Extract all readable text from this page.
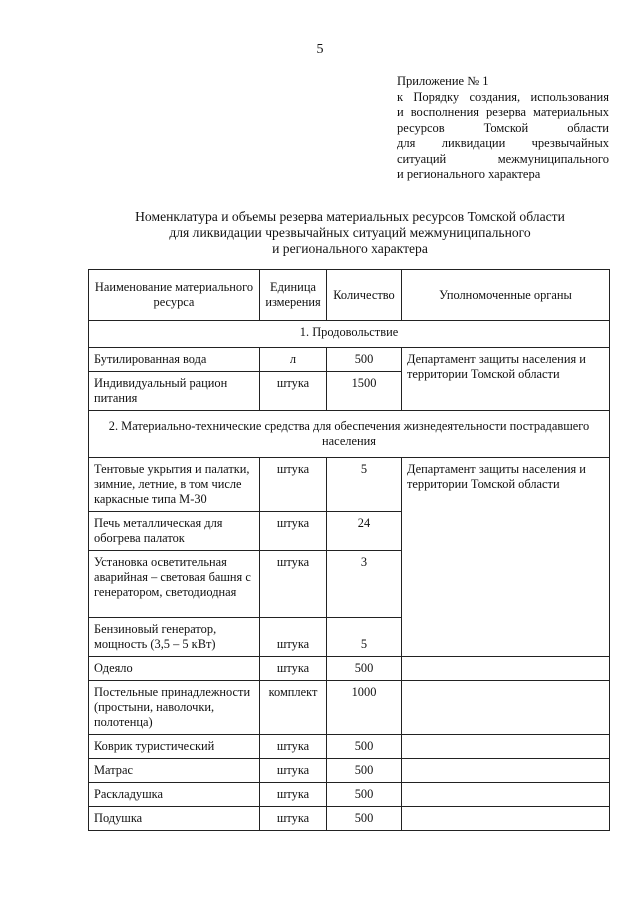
5
Приложение № 1
к Порядку создания, использования
и восполнения резерва материальных
ресурсов Томской области
для ликвидации чрезвычайных
ситуаций межмуниципального
и регионального характера
Номенклатура и объемы резерва материальных ресурсов Томской области
для ликвидации чрезвычайных ситуаций межмуниципального
и регионального характера
Наименование материального ресурса	Единица измерения	Количество	Уполномоченные органы
1. Продовольствие			
Бутилированная вода	л	500	Департамент защиты населения и территории Томской области

Индивидуальный рацион питания	штука	1500	
2. Материально-технические средства для обеспечения жизнедеятельности пострадавшего населения			
Тентовые укрытия и палатки, зимние, летние, в том числе каркасные типа М-30	штука	5	Департамент защиты населения и территории Томской области

Печь металлическая для обогрева палаток	штука	24	
Установка осветительная аварийная – световая башня с генератором, светодиодная	штука	3	
Бензиновый генератор, мощность (3,5 – 5 кВт)	штука	5	
Одеяло	штука	500	
Постельные принадлежности (простыни, наволочки, полотенца)	комплект	1000	
Коврик туристический	штука	500	
Матрас	штука	500	
Раскладушка	штука	500	
Подушка	штука	500	
